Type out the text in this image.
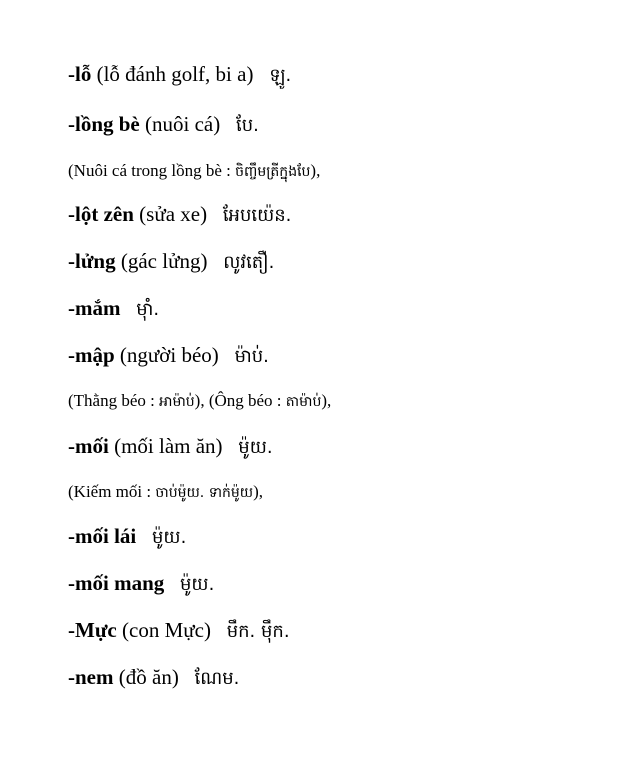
-lỗ (lỗ đánh golf, bi a) ឡូ.
-lồng bè (nuôi cá) បែ.
(Nuôi cá trong lồng bè : ចិញ្ចឹមត្រីក្នុងបែ),
-lột zên (sửa xe) អែបយ៉េន.
-lửng (gác lửng) លូវតឿ.
-mắm ម៉ាំ.
-mập (người béo) ម៉ាប់.
(Thằng béo : អាម៉ាប់), (Ông béo : តាម៉ាប់),
-mối (mối làm ăn) ម៉ូយ.
(Kiếm mối : ចាប់ម៉ូយ. ទាក់ម៉ូយ),
-mối lái ម៉ូយ.
-mối mang ម៉ូយ.
-Mực (con Mực) មឹក. មុឹក.
-nem (đồ ăn) ណែម.
